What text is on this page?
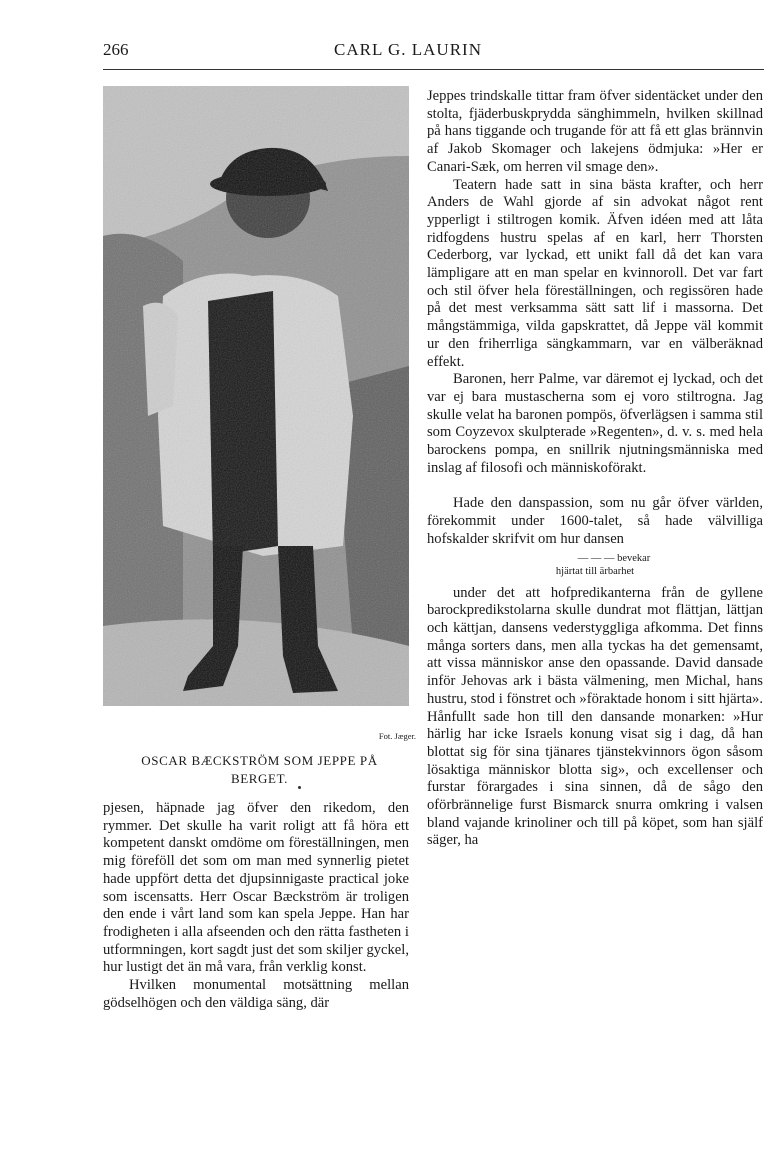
266	CARL G. LAURIN
Fot. Jæger.
OSCAR BÆCKSTRÖM SOM JEPPE PÅ
BERGET.

pjesen, häpnade jag öfver den rikedom, den rymmer. Det skulle ha varit roligt att få höra ett kompetent danskt omdöme om föreställningen, men mig föreföll det som om man med synnerlig pietet hade uppfört detta det djupsinnigaste practical joke som iscensatts. Herr Oscar Bæckström är troligen den ende i vårt land som kan spela Jeppe. Han har frodigheten i alla afseenden och den rätta fastheten i utformningen, kort sagdt just det som skiljer gyckel, hur lustigt det än må vara, från verklig konst.

Hvilken monumental motsättning mellan gödselhögen och den väldiga säng, där

Jeppes trindskalle tittar fram öfver sidentäcket under den stolta, fjäderbuskprydda sänghimmeln, hvilken skillnad på hans tiggande och trugande för att få ett glas brännvin af Jakob Skomager och lakejens ödmjuka: »Her er Canari-Sæk, om herren vil smage den».

Teatern hade satt in sina bästa krafter, och herr Anders de Wahl gjorde af sin advokat något rent ypperligt i stiltrogen komik. Äfven idéen med att låta ridfogdens hustru spelas af en karl, herr Thorsten Cederborg, var lyckad, ett unikt fall då det kan vara lämpligare att en man spelar en kvinnoroll. Det var fart och stil öfver hela föreställningen, och regissören hade på det mest verksamma sätt satt lif i massorna. Det mångstämmiga, vilda gapskrattet, då Jeppe väl kommit ur den friherrliga sängkammarn, var en välberäknad effekt.

Baronen, herr Palme, var däremot ej lyckad, och det var ej bara mustascherna som ej voro stiltrogna. Jag skulle velat ha baronen pompös, öfverlägsen i samma stil som Coyzevox skulpterade »Regenten», d. v. s. med hela barockens pompa, en snillrik njutningsmänniska med inslag af filosofi och människoförakt.

Hade den danspassion, som nu går öfver världen, förekommit under 1600-talet, så hade välvilliga hofskalder skrifvit om hur dansen

— — — bevekar
hjärtat till ärbarhet

under det att hofpredikanterna från de gyllene barockpredikstolarna skulle dundrat mot flättjan, lättjan och kättjan, dansens vederstyggliga afkomma. Det finns många sorters dans, men alla tyckas ha det gemensamt, att vissa människor anse den opassande. David dansade inför Jehovas ark i bästa välmening, men Michal, hans hustru, stod i fönstret och »föraktade honom i sitt hjärta». Hånfullt sade hon till den dansande monarken: »Hur härlig har icke Israels konung visat sig i dag, då han blottat sig för sina tjänares tjänstekvinnors ögon såsom lösaktiga människor blotta sig», och excellenser och furstar förargades i sina sinnen, då de sågo den oförbrännelige furst Bismarck snurra omkring i valsen bland vajande krinoliner och till på köpet, som han själf säger, ha
